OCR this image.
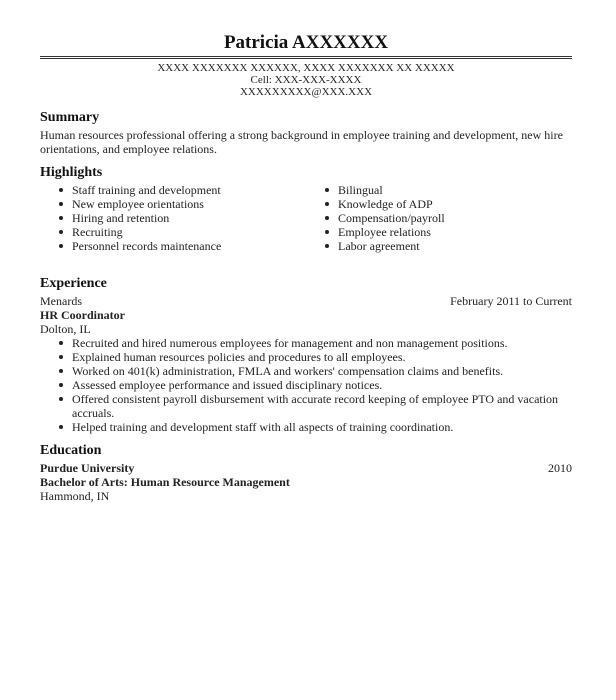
Patricia AXXXXXX
XXXX XXXXXXX XXXXXX, XXXX XXXXXXX XX XXXXX
Cell: XXX-XXX-XXXX
XXXXXXXXX@XXX.XXX
Summary
Human resources professional offering a strong background in employee training and development, new hire orientations, and employee relations.
Highlights
Staff training and development
New employee orientations
Hiring and retention
Recruiting
Personnel records maintenance
Bilingual
Knowledge of ADP
Compensation/payroll
Employee relations
Labor agreement
Experience
Menards	February 2011 to Current
HR Coordinator
Dolton, IL
Recruited and hired numerous employees for management and non management positions.
Explained human resources policies and procedures to all employees.
Worked on 401(k) administration, FMLA and workers' compensation claims and benefits.
Assessed employee performance and issued disciplinary notices.
Offered consistent payroll disbursement with accurate record keeping of employee PTO and vacation accruals.
Helped training and development staff with all aspects of training coordination.
Education
Purdue University	2010
Bachelor of Arts: Human Resource Management
Hammond, IN
